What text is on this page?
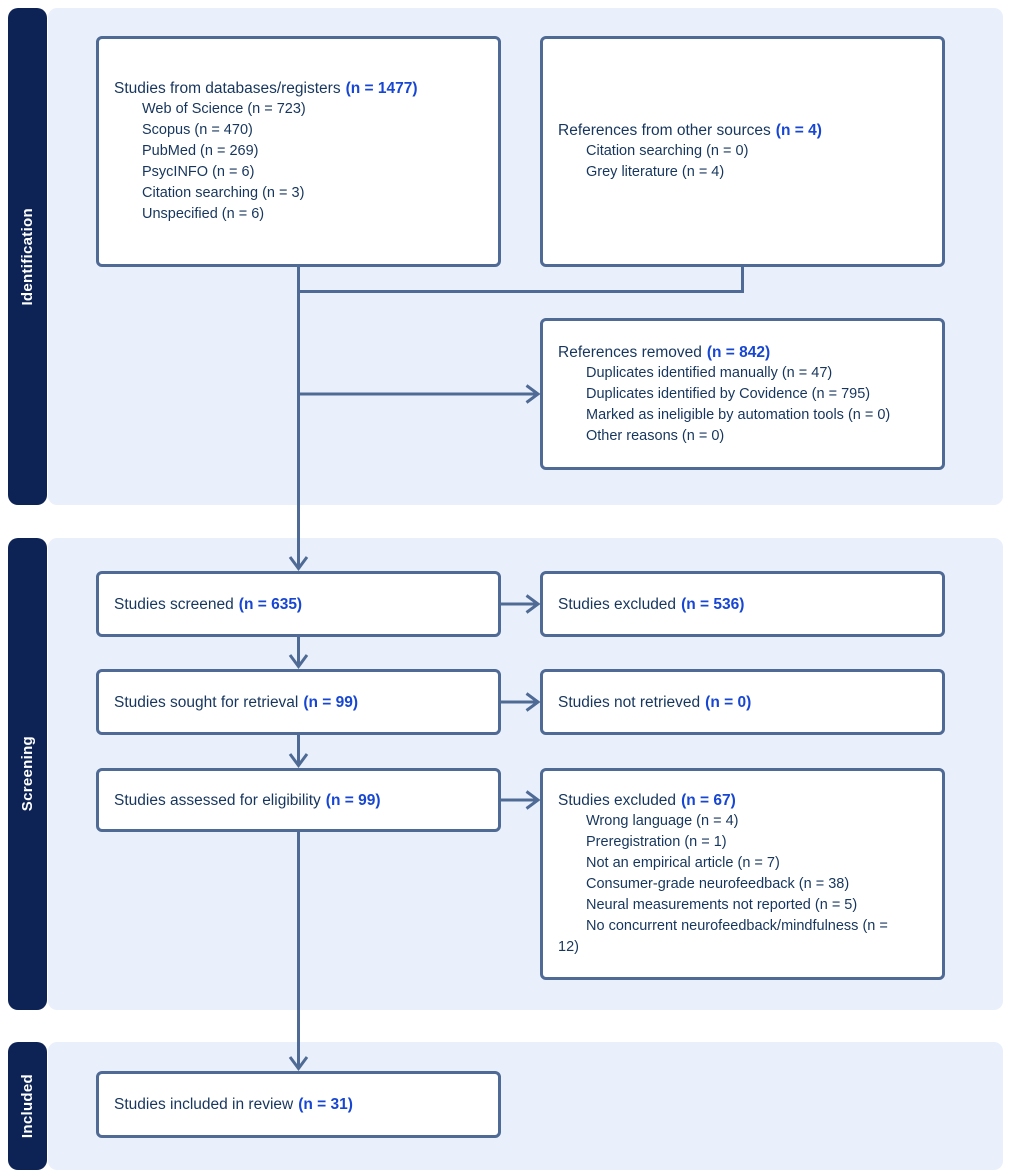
Identification
Screening
Included
Studies from databases/registers (n = 1477)
Web of Science (n = 723)
Scopus (n = 470)
PubMed (n = 269)
PsycINFO (n = 6)
Citation searching (n = 3)
Unspecified (n = 6)
References from other sources (n = 4)
Citation searching (n = 0)
Grey literature (n = 4)
References removed (n = 842)
Duplicates identified manually (n = 47)
Duplicates identified by Covidence (n = 795)
Marked as ineligible by automation tools (n = 0)
Other reasons (n = 0)
Studies screened (n = 635)	Studies excluded (n = 536)
Studies sought for retrieval (n = 99)	Studies not retrieved (n = 0)
Studies assessed for eligibility (n = 99)	Studies excluded (n = 67)
Wrong language (n = 4)
Preregistration (n = 1)
Not an empirical article (n = 7)
Consumer-grade neurofeedback (n = 38)
Neural measurements not reported (n = 5)
No concurrent neurofeedback/mindfulness (n = 12)
Studies included in review (n = 31)
